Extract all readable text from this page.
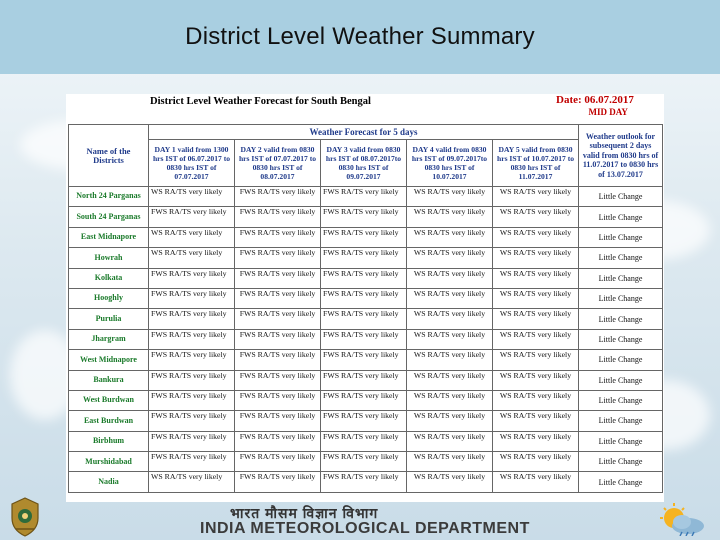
District Level Weather Summary
District Level Weather Forecast for South Bengal	Date: 06.07.2017
MID DAY
Name of the Districts	Weather Forecast for 5 days					Weather outlook for subsequent 2 days valid from 0830 hrs of 11.07.2017 to 0830 hrs of 13.07.2017
	DAY 1 valid from 1300 hrs IST of 06.07.2017 to 0830 hrs IST of 07.07.2017	DAY 2 valid from 0830 hrs IST of 07.07.2017 to 0830 hrs IST of 08.07.2017	DAY 3 valid from 0830 hrs IST of 08.07.2017to 0830 hrs IST of 09.07.2017	DAY 4 valid from 0830 hrs IST of 09.07.2017to 0830 hrs IST of 10.07.2017	DAY 5 valid from 0830 hrs IST of 10.07.2017 to 0830 hrs IST of 11.07.2017	
North 24 Parganas	WS RA/TS very likely	FWS RA/TS very likely	FWS RA/TS very likely	WS RA/TS very likely	WS RA/TS very likely	Little Change
South 24 Parganas	FWS RA/TS very likely	FWS RA/TS very likely	FWS RA/TS very likely	WS RA/TS very likely	WS RA/TS very likely	Little Change
East Midnapore	WS RA/TS very likely	FWS RA/TS very likely	FWS RA/TS very likely	WS RA/TS very likely	WS RA/TS very likely	Little Change
Howrah	WS RA/TS very likely	FWS RA/TS very likely	FWS RA/TS very likely	WS RA/TS very likely	WS RA/TS very likely	Little Change
Kolkata	FWS RA/TS very likely	FWS RA/TS very likely	FWS RA/TS very likely	WS RA/TS very likely	WS RA/TS very likely	Little Change
Hooghly	FWS RA/TS very likely	FWS RA/TS very likely	FWS RA/TS very likely	WS RA/TS very likely	WS RA/TS very likely	Little Change
Purulia	FWS RA/TS very likely	FWS RA/TS very likely	FWS RA/TS very likely	WS RA/TS very likely	WS RA/TS very likely	Little Change
Jhargram	FWS RA/TS very likely	FWS RA/TS very likely	FWS RA/TS very likely	WS RA/TS very likely	WS RA/TS very likely	Little Change
West Midnapore	FWS RA/TS very likely	FWS RA/TS very likely	FWS RA/TS very likely	WS RA/TS very likely	WS RA/TS very likely	Little Change
Bankura	FWS RA/TS very likely	FWS RA/TS very likely	FWS RA/TS very likely	WS RA/TS very likely	WS RA/TS very likely	Little Change
West Burdwan	FWS RA/TS very likely	FWS RA/TS very likely	FWS RA/TS very likely	WS RA/TS very likely	WS RA/TS very likely	Little Change
East Burdwan	FWS RA/TS very likely	FWS RA/TS very likely	FWS RA/TS very likely	WS RA/TS very likely	WS RA/TS very likely	Little Change
Birbhum	FWS RA/TS very likely	FWS RA/TS very likely	FWS RA/TS very likely	WS RA/TS very likely	WS RA/TS very likely	Little Change
Murshidabad	FWS RA/TS very likely	FWS RA/TS very likely	FWS RA/TS very likely	WS RA/TS very likely	WS RA/TS very likely	Little Change
Nadia	WS RA/TS very likely	FWS RA/TS very likely	FWS RA/TS very likely	WS RA/TS very likely	WS RA/TS very likely	Little Change
भारत मौसम विज्ञान विभाग
INDIA METEOROLOGICAL DEPARTMENT
